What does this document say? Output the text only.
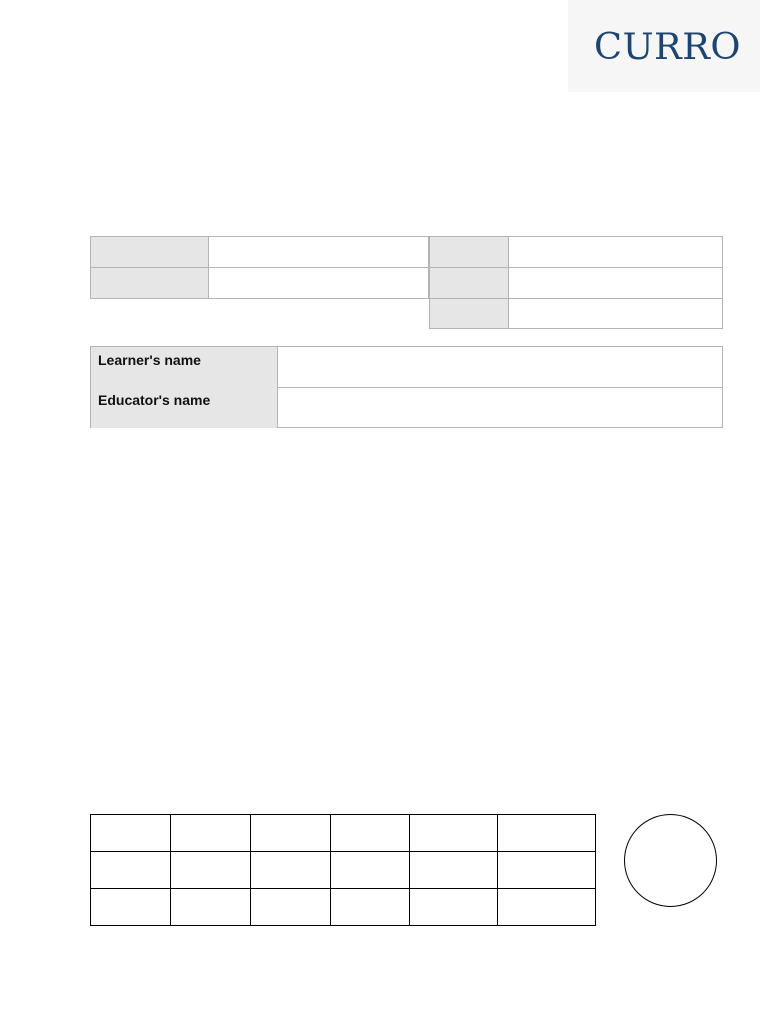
CURRO
Learner's name
Educator's name
